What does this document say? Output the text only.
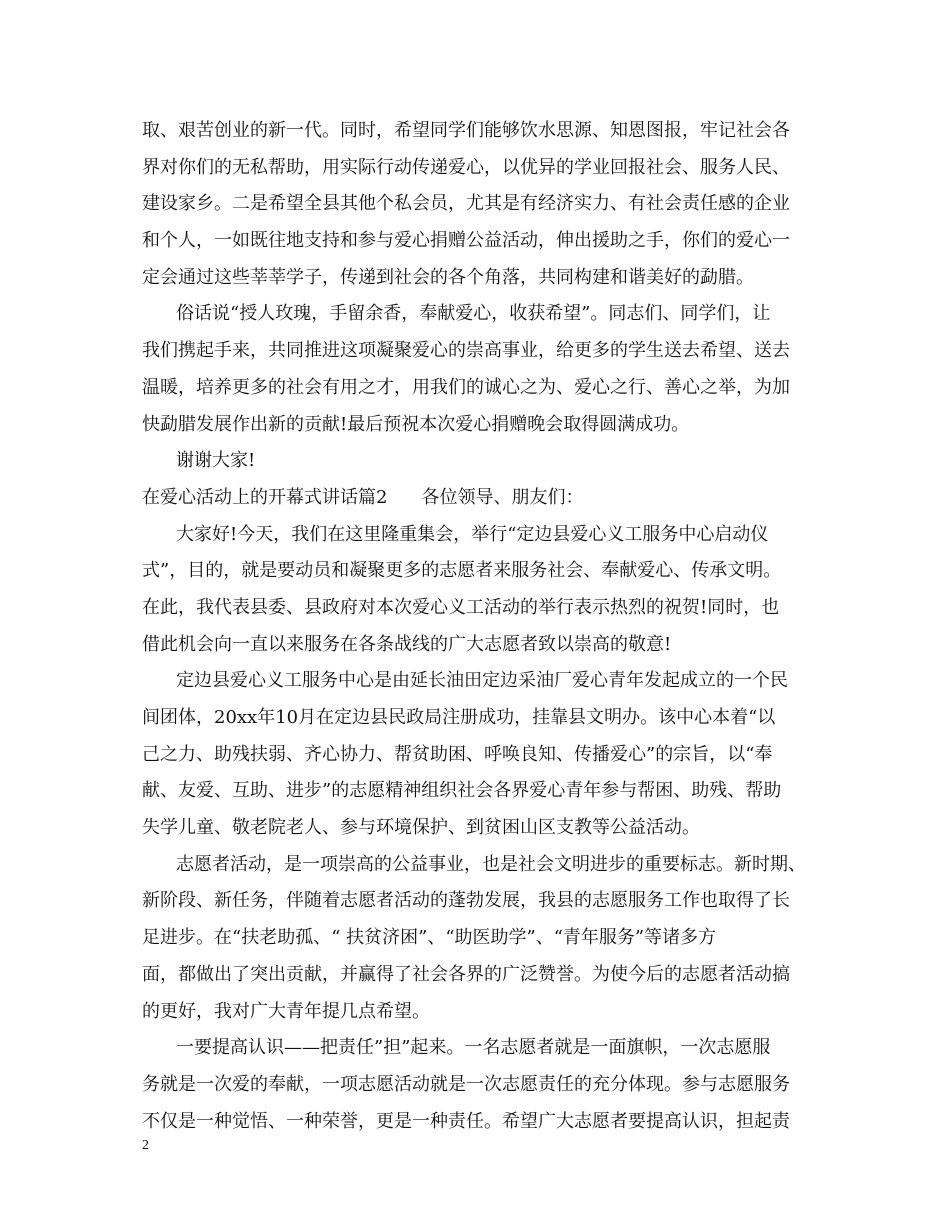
取、艰苦创业的新一代。同时，希望同学们能够饮水思源、知恩图报，牢记社会各
界对你们的无私帮助，用实际行动传递爱心，以优异的学业回报社会、服务人民、
建设家乡。二是希望全县其他个私会员，尤其是有经济实力、有社会责任感的企业
和个人，一如既往地支持和参与爱心捐赠公益活动，伸出援助之手，你们的爱心一
定会通过这些莘莘学子，传递到社会的各个角落，共同构建和谐美好的勐腊。
俗话说“授人玫瑰，手留余香，奉献爱心，收获希望”。同志们、同学们，让
我们携起手来，共同推进这项凝聚爱心的崇高事业，给更多的学生送去希望、送去
温暖，培养更多的社会有用之才，用我们的诚心之为、爱心之行、善心之举，为加
快勐腊发展作出新的贡献!最后预祝本次爱心捐赠晚会取得圆满成功。
谢谢大家!
在爱心活动上的开幕式讲话篇2 各位领导、朋友们：
大家好!今天，我们在这里隆重集会，举行“定边县爱心义工服务中心启动仪
式”，目的，就是要动员和凝聚更多的志愿者来服务社会、奉献爱心、传承文明。
在此，我代表县委、县政府对本次爱心义工活动的举行表示热烈的祝贺!同时，也
借此机会向一直以来服务在各条战线的广大志愿者致以崇高的敬意!
定边县爱心义工服务中心是由延长油田定边采油厂爱心青年发起成立的一个民
间团体，20xx年10月在定边县民政局注册成功，挂靠县文明办。该中心本着“以
己之力、助残扶弱、齐心协力、帮贫助困、呼唤良知、传播爱心”的宗旨，以“奉
献、友爱、互助、进步”的志愿精神组织社会各界爱心青年参与帮困、助残、帮助
失学儿童、敬老院老人、参与环境保护、到贫困山区支教等公益活动。
志愿者活动，是一项崇高的公益事业，也是社会文明进步的重要标志。新时期、
新阶段、新任务，伴随着志愿者活动的蓬勃发展，我县的志愿服务工作也取得了长
足进步。在“扶老助孤、“ 扶贫济困”、“助医助学”、“青年服务”等诸多方
面，都做出了突出贡献，并赢得了社会各界的广泛赞誉。为使今后的志愿者活动搞
的更好，我对广大青年提几点希望。
一要提高认识——把责任”担”起来。一名志愿者就是一面旗帜，一次志愿服
务就是一次爱的奉献，一项志愿活动就是一次志愿责任的充分体现。参与志愿服务
不仅是一种觉悟、一种荣誉，更是一种责任。希望广大志愿者要提高认识，担起责
2
